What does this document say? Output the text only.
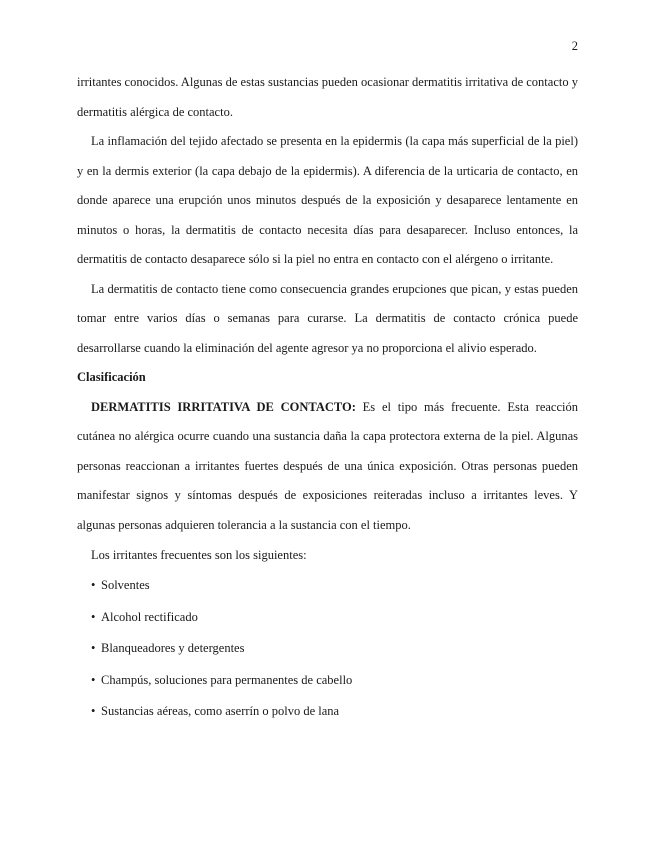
2

irritantes conocidos. Algunas de estas sustancias pueden ocasionar dermatitis irritativa de contacto y dermatitis alérgica de contacto.

La inflamación del tejido afectado se presenta en la epidermis (la capa más superficial de la piel) y en la dermis exterior (la capa debajo de la epidermis). A diferencia de la urticaria de contacto, en donde aparece una erupción unos minutos después de la exposición y desaparece lentamente en minutos o horas, la dermatitis de contacto necesita días para desaparecer. Incluso entonces, la dermatitis de contacto desaparece sólo si la piel no entra en contacto con el alérgeno o irritante.

La dermatitis de contacto tiene como consecuencia grandes erupciones que pican, y estas pueden tomar entre varios días o semanas para curarse. La dermatitis de contacto crónica puede desarrollarse cuando la eliminación del agente agresor ya no proporciona el alivio esperado.

Clasificación

DERMATITIS IRRITATIVA DE CONTACTO: Es el tipo más frecuente. Esta reacción cutánea no alérgica ocurre cuando una sustancia daña la capa protectora externa de la piel. Algunas personas reaccionan a irritantes fuertes después de una única exposición. Otras personas pueden manifestar signos y síntomas después de exposiciones reiteradas incluso a irritantes leves. Y algunas personas adquieren tolerancia a la sustancia con el tiempo.

Los irritantes frecuentes son los siguientes:

• Solventes
• Alcohol rectificado
• Blanqueadores y detergentes
• Champús, soluciones para permanentes de cabello
• Sustancias aéreas, como aserrín o polvo de lana
